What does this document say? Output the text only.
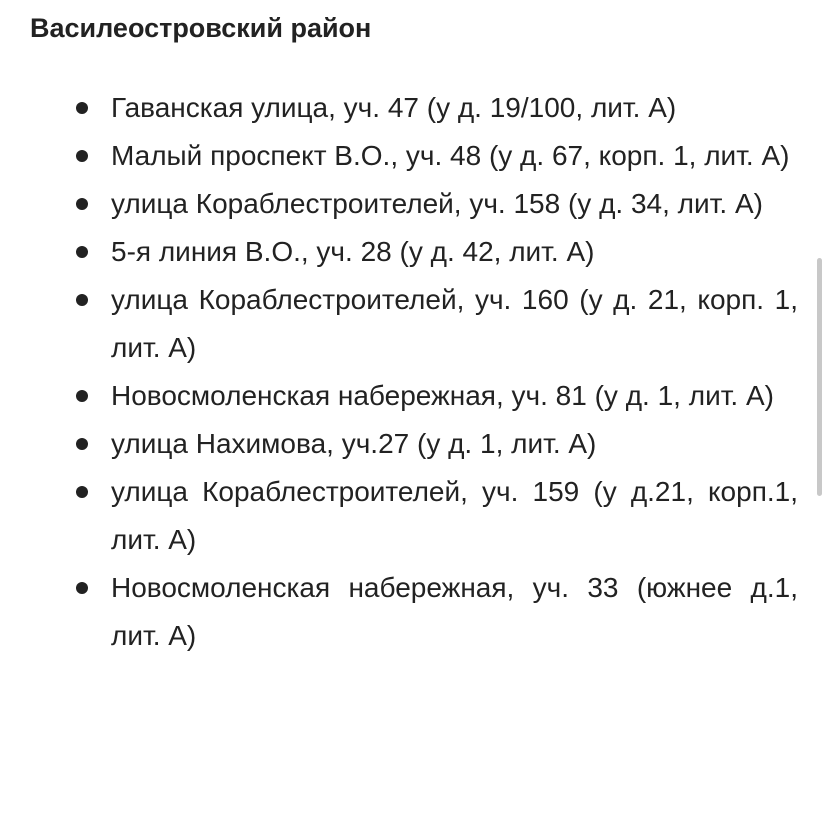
Василеостровский район
Гаванская улица, уч. 47 (у д. 19/100, лит. А)
Малый проспект В.О., уч. 48 (у д. 67, корп. 1, лит. А)
улица Кораблестроителей, уч. 158 (у д. 34, лит. А)
5-я линия В.О., уч. 28 (у д. 42, лит. А)
улица Кораблестроителей, уч. 160 (у д. 21, корп. 1, лит. А)
Новосмоленская набережная, уч. 81 (у д. 1, лит. А)
улица Нахимова, уч.27 (у д. 1, лит. А)
улица Кораблестроителей, уч. 159 (у д.21, корп.1, лит. А)
Новосмоленская набережная, уч. 33 (южнее д.1, лит. А)
